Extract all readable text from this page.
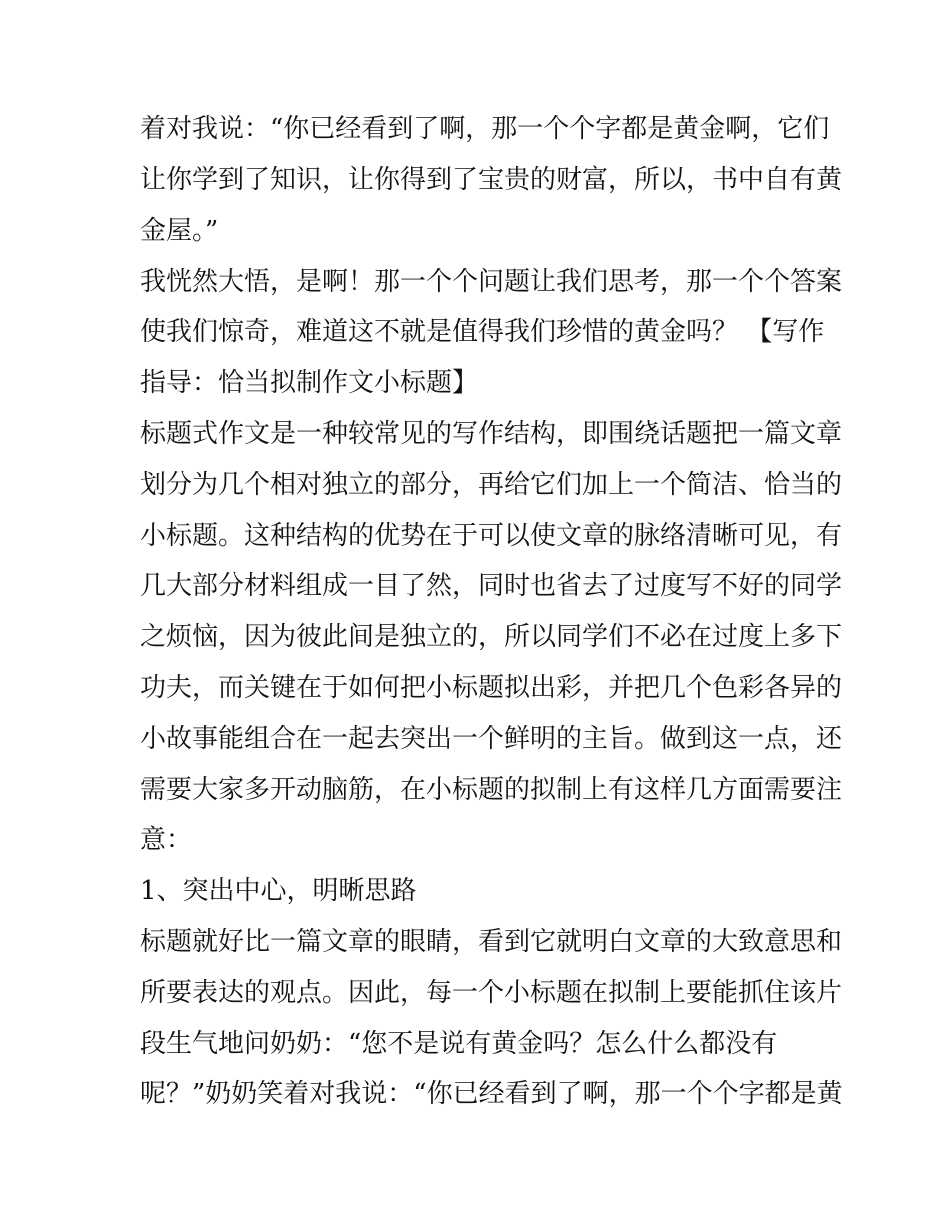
着对我说：“你已经看到了啊，那一个个字都是黄金啊，它们
让你学到了知识，让你得到了宝贵的财富，所以，书中自有黄
金屋。”
我恍然大悟，是啊！那一个个问题让我们思考，那一个个答案
使我们惊奇，难道这不就是值得我们珍惜的黄金吗？ 【写作
指导：恰当拟制作文小标题】
标题式作文是一种较常见的写作结构，即围绕话题把一篇文章
划分为几个相对独立的部分，再给它们加上一个简洁、恰当的
小标题。这种结构的优势在于可以使文章的脉络清晰可见，有
几大部分材料组成一目了然，同时也省去了过度写不好的同学
之烦恼，因为彼此间是独立的，所以同学们不必在过度上多下
功夫，而关键在于如何把小标题拟出彩，并把几个色彩各异的
小故事能组合在一起去突出一个鲜明的主旨。做到这一点，还
需要大家多开动脑筋，在小标题的拟制上有这样几方面需要注
意：
1、突出中心，明晰思路
标题就好比一篇文章的眼睛，看到它就明白文章的大致意思和
所要表达的观点。因此，每一个小标题在拟制上要能抓住该片
段生气地问奶奶：“您不是说有黄金吗？怎么什么都没有
呢？”奶奶笑着对我说：“你已经看到了啊，那一个个字都是黄
